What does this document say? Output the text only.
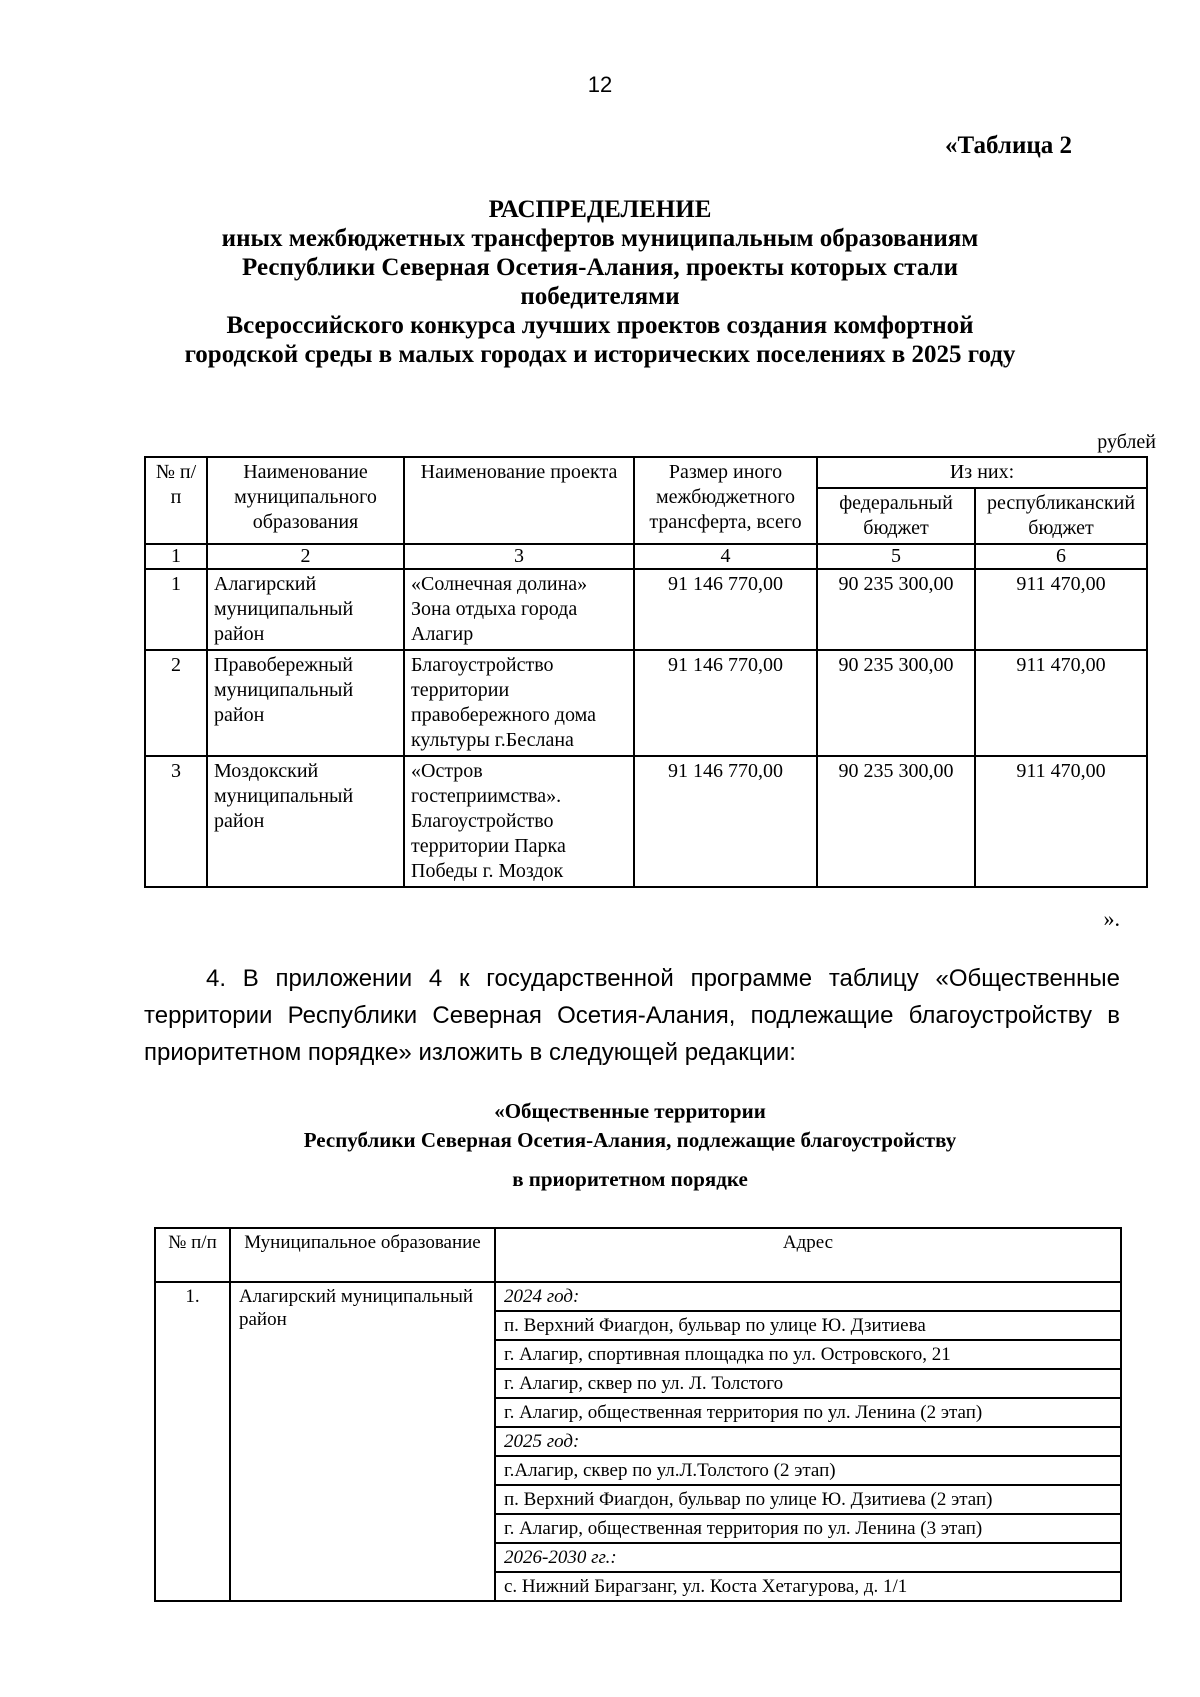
12
«Таблица 2
РАСПРЕДЕЛЕНИЕ
иных межбюджетных трансфертов муниципальным образованиям
Республики Северная Осетия-Алания, проекты которых стали
победителями
Всероссийского конкурса лучших проектов создания комфортной
городской среды в малых городах и исторических поселениях в 2025 году
рублей
№ п/п	Наименование муниципального образования	Наименование проекта	Размер иного межбюджетного трансферта, всего	Из них:	
				федеральный бюджет	республиканский бюджет
1	2	3	4	5	6
1	Алагирский муниципальный район	«Солнечная долина» Зона отдыха города Алагир	91 146 770,00	90 235 300,00	911 470,00
2	Правобережный муниципальный район	Благоустройство территории правобережного дома культуры г.Беслана	91 146 770,00	90 235 300,00	911 470,00
3	Моздокский муниципальный район	«Остров гостеприимства». Благоустройство территории Парка Победы г. Моздок	91 146 770,00	90 235 300,00	911 470,00
».
4. В приложении 4 к государственной программе таблицу «Общественные территории Республики Северная Осетия-Алания, подлежащие благоустройству в приоритетном порядке» изложить в следующей редакции:
«Общественные территории
Республики Северная Осетия-Алания, подлежащие благоустройству
в приоритетном порядке
№ п/п	Муниципальное образование	Адрес
1.	Алагирский муниципальный район	2024 год:
		п. Верхний Фиагдон, бульвар по улице Ю. Дзитиева
		г. Алагир, спортивная площадка по ул. Островского, 21
		г. Алагир, сквер по ул. Л. Толстого
		г. Алагир, общественная территория по ул. Ленина (2 этап)
		2025 год:
		г.Алагир, сквер по ул.Л.Толстого (2 этап)
		п. Верхний Фиагдон, бульвар по улице Ю. Дзитиева (2 этап)
		г. Алагир, общественная территория по ул. Ленина (3 этап)
		2026-2030 гг.:
		с. Нижний Бирагзанг, ул. Коста Хетагурова, д. 1/1
